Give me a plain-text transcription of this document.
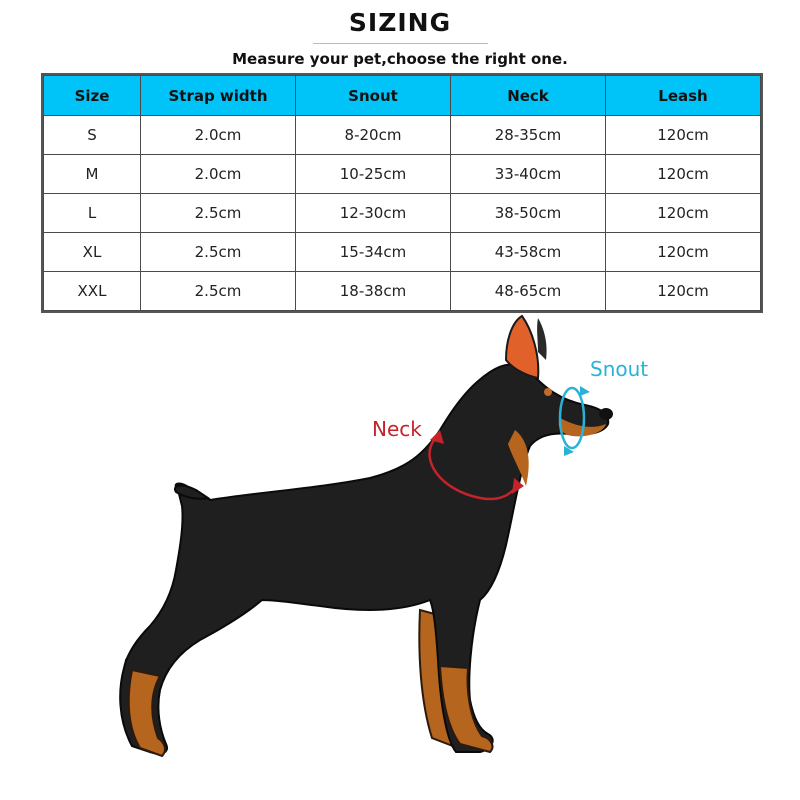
SIZING
Measure your pet,choose the right one.
Size	Strap width	Snout	Neck	Leash
S	2.0cm	8-20cm	28-35cm	120cm
M	2.0cm	10-25cm	33-40cm	120cm
L	2.5cm	12-30cm	38-50cm	120cm
XL	2.5cm	15-34cm	43-58cm	120cm
XXL	2.5cm	18-38cm	48-65cm	120cm
Neck
Snout
